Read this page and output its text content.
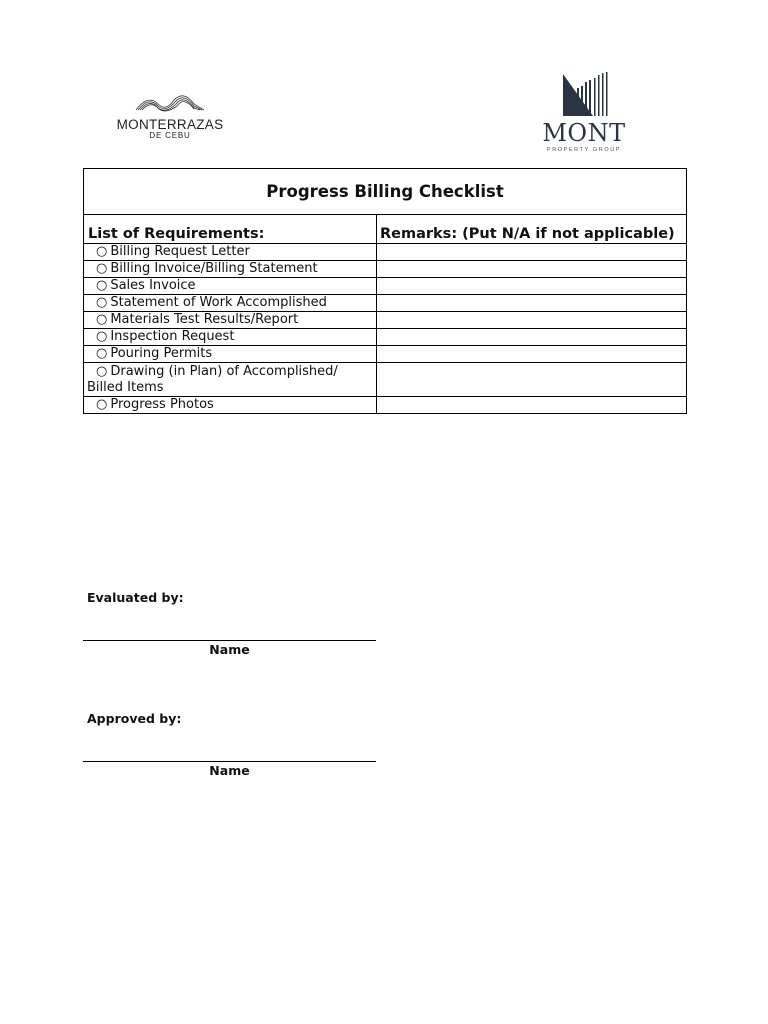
MONTERRAZAS
DE CEBU	MONT
PROPERTY GROUP
Progress Billing Checklist	
List of Requirements:	Remarks: (Put N/A if not applicable)
○ Billing Request Letter	
○ Billing Invoice/Billing Statement	
○ Sales Invoice	
○ Statement of Work Accomplished	
○ Materials Test Results/Report	
○ Inspection Request	
○ Pouring Permits	

○ Drawing (in Plan) of Accomplished/
Billed Items	

○ Progress Photos	
Evaluated by:
Name
Approved by:
Name
